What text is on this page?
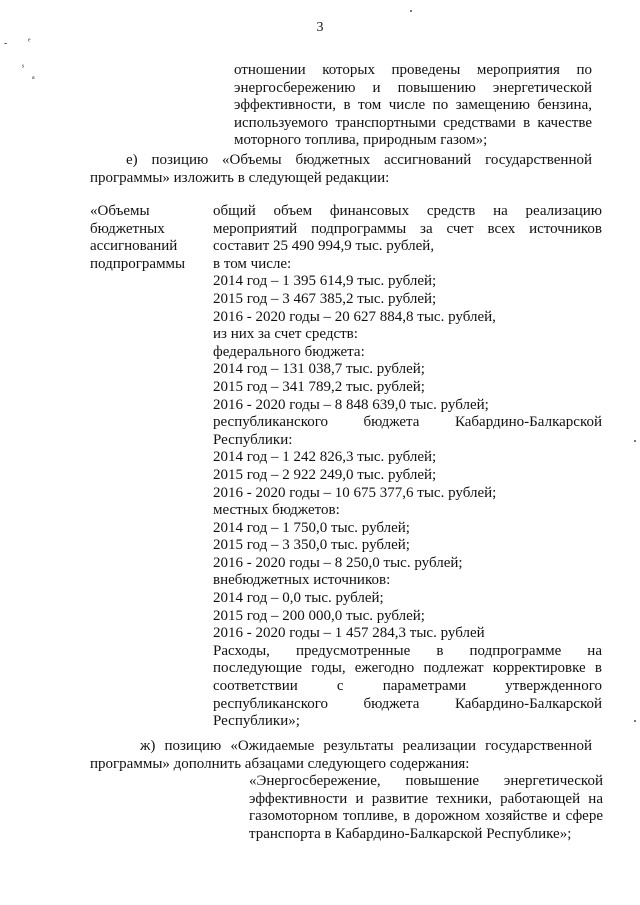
3
- ᵉ
ˢ
ₐ	отношении которых проведены мероприятия по
энергосбережению и повышению энергетической
эффективности, в том числе по замещению бензина,
используемого транспортными средствами в качестве
моторного топлива, природным газом»;
е) позицию «Объемы бюджетных ассигнований государственной
программы» изложить в следующей редакции:
«Объемы
бюджетных
ассигнований
подпрограммы
общий объем финансовых средств на реализацию
мероприятий подпрограммы за счет всех источников
составит 25 490 994,9 тыс. рублей,
в том числе:
2014 год – 1 395 614,9 тыс. рублей;
2015 год – 3 467 385,2 тыс. рублей;
2016 - 2020 годы – 20 627 884,8 тыс. рублей,
из них за счет средств:
федерального бюджета:
2014 год – 131 038,7 тыс. рублей;
2015 год – 341 789,2 тыс. рублей;
2016 - 2020 годы – 8 848 639,0 тыс. рублей;
республиканского бюджета Кабардино-Балкарской
Республики:
2014 год – 1 242 826,3 тыс. рублей;
2015 год – 2 922 249,0 тыс. рублей;
2016 - 2020 годы – 10 675 377,6 тыс. рублей;
местных бюджетов:
2014 год – 1 750,0 тыс. рублей;
2015 год – 3 350,0 тыс. рублей;
2016 - 2020 годы – 8 250,0 тыс. рублей;
внебюджетных источников:
2014 год – 0,0 тыс. рублей;
2015 год – 200 000,0 тыс. рублей;
2016 - 2020 годы – 1 457 284,3 тыс. рублей
Расходы, предусмотренные в подпрограмме на
последующие годы, ежегодно подлежат корректировке в
соответствии с параметрами утвержденного
республиканского бюджета Кабардино-Балкарской
Республики»;
ж) позицию «Ожидаемые результаты реализации государственной
программы» дополнить абзацами следующего содержания:
«Энергосбережение, повышение энергетической
эффективности и развитие техники, работающей на
газомоторном топливе, в дорожном хозяйстве и сфере
транспорта в Кабардино-Балкарской Республике»;
